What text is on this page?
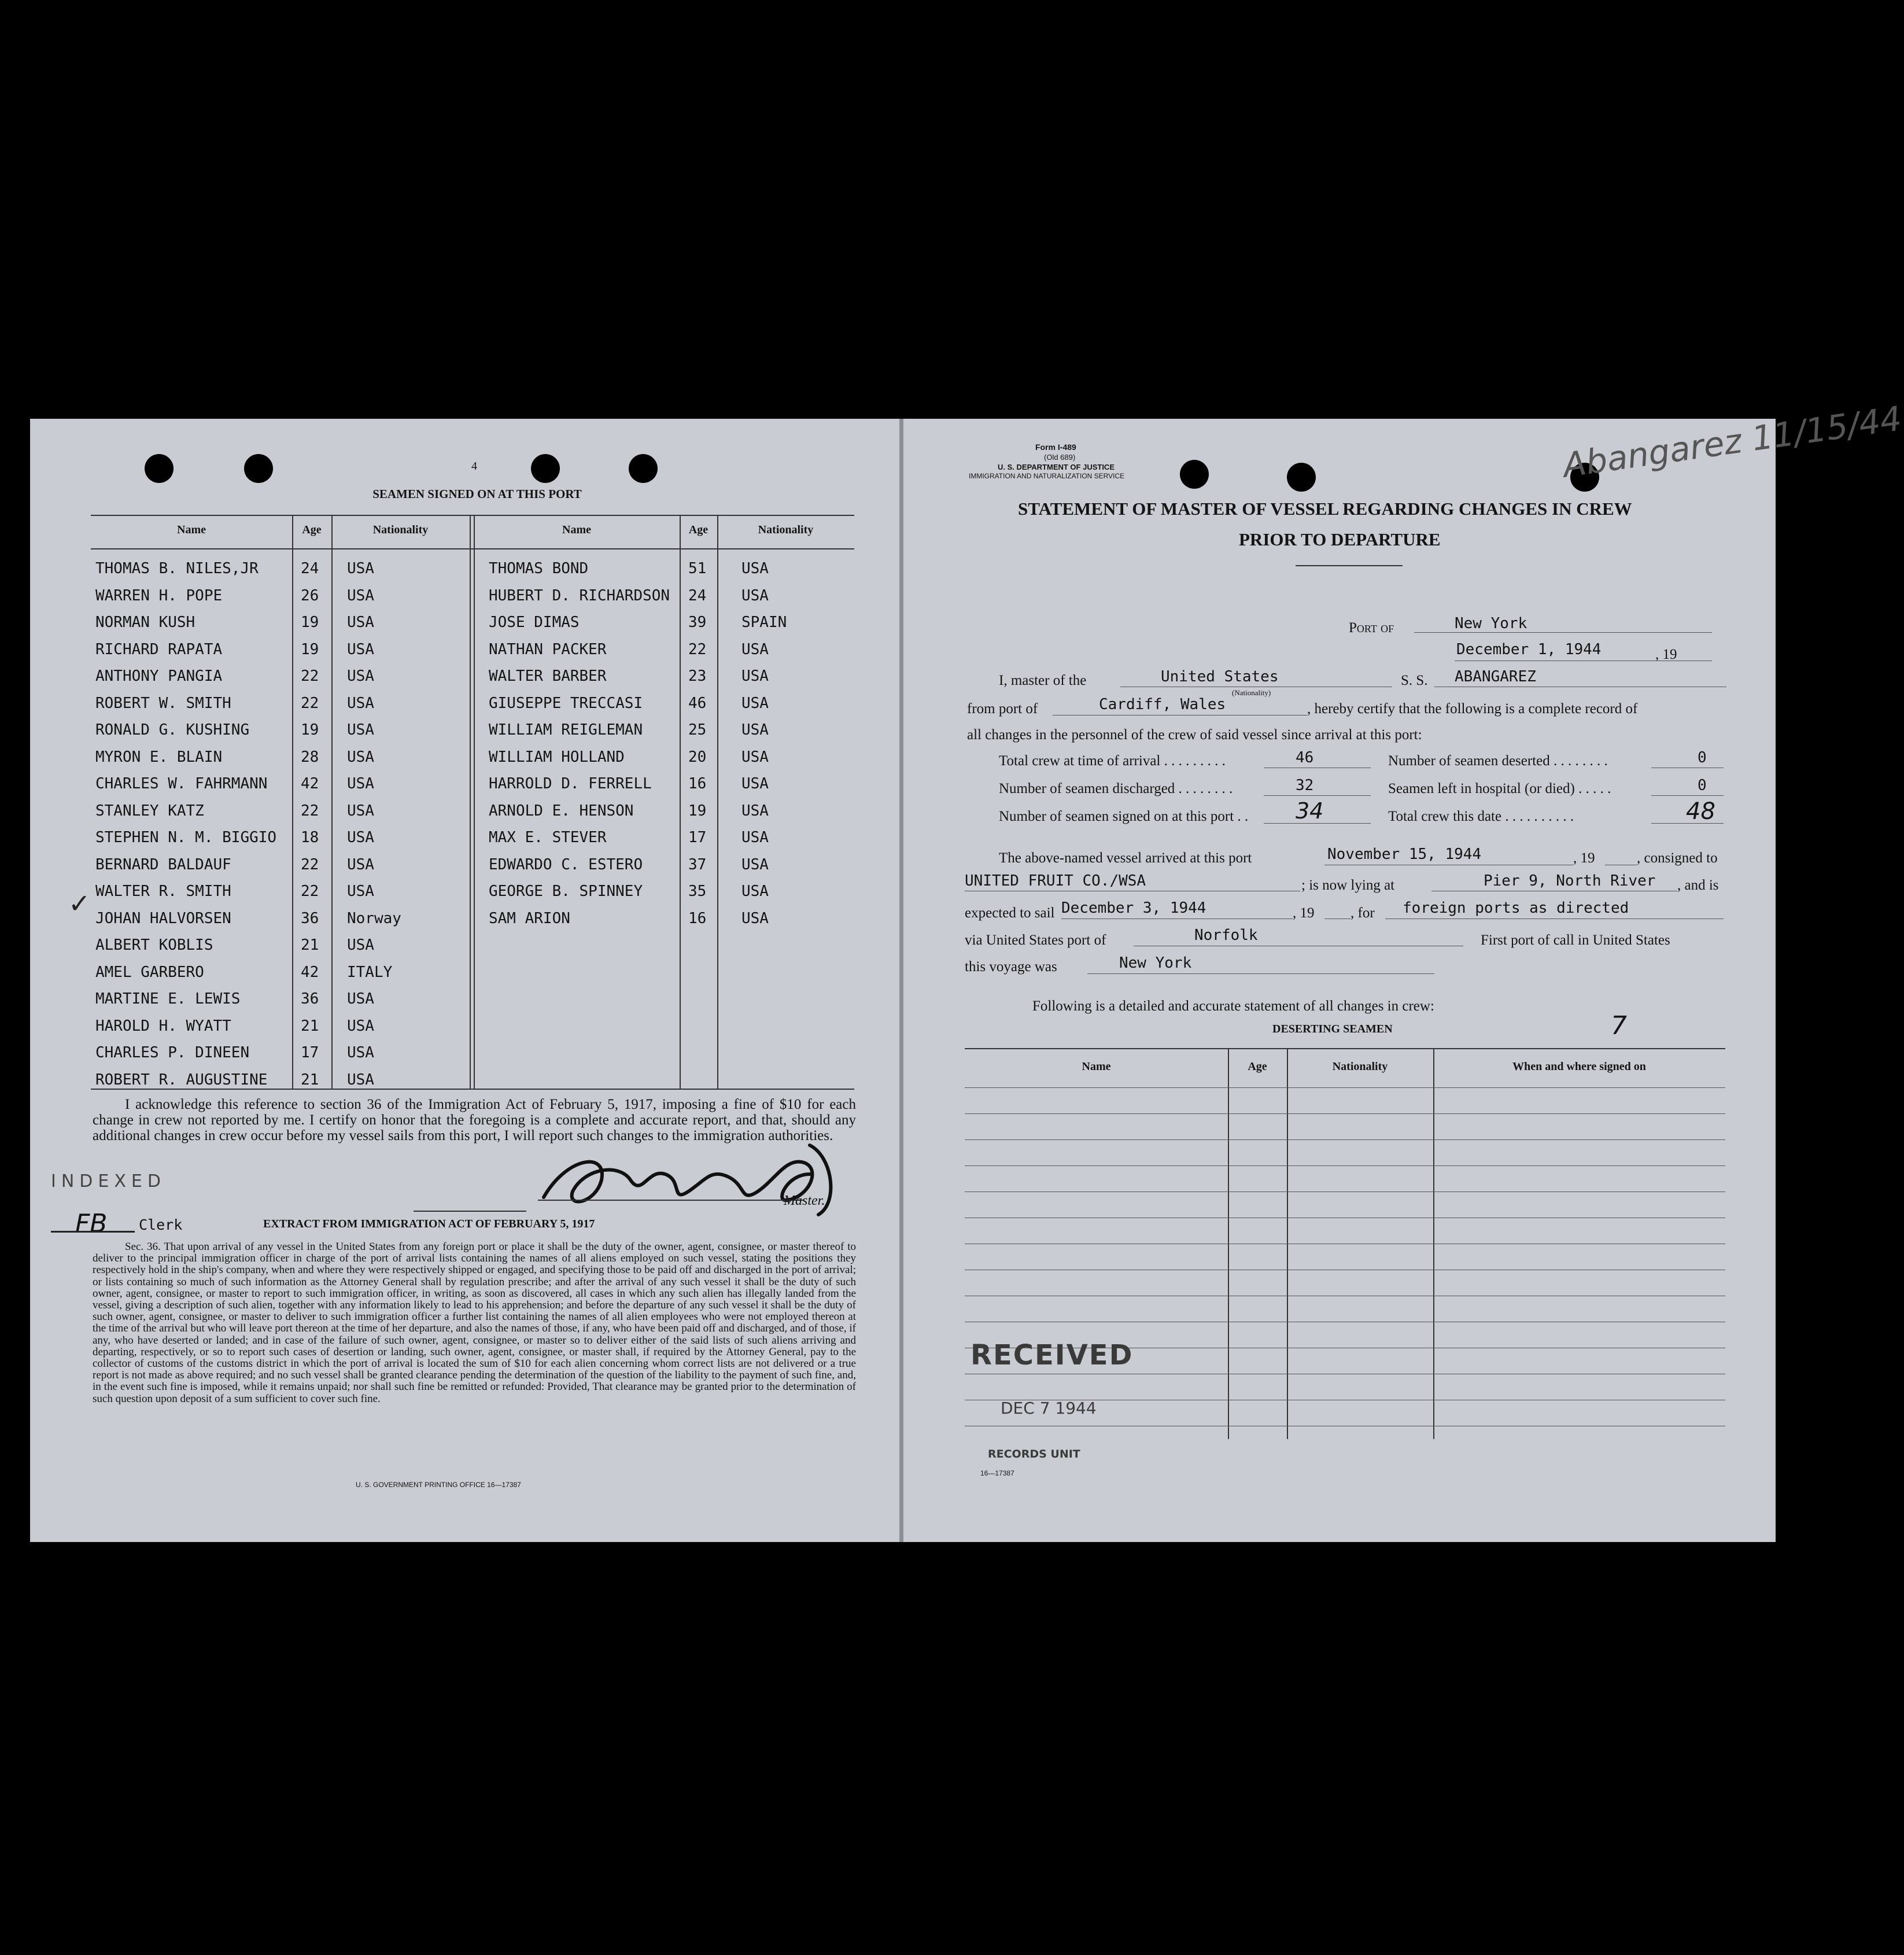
4
SEAMEN SIGNED ON AT THIS PORT
Name	Age	Nationality	Name	Age	Nationality
THOMAS B. NILES,JR	24 USA
WARREN H. POPE	26 USA
NORMAN KUSH	19 USA
RICHARD RAPATA	19 USA
ANTHONY PANGIA	22 USA
ROBERT W. SMITH	22 USA
RONALD G. KUSHING	19 USA
MYRON E. BLAIN	28 USA
CHARLES W. FAHRMANN 42 USA
STANLEY KATZ	22 USA
STEPHEN N. M. BIGGIO 18 USA
BERNARD BALDAUF	22 USA
WALTER R. SMITH	22 USA
JOHAN HALVORSEN	36 Norway
ALBERT KOBLIS	21 USA
AMEL GARBERO	42 ITALY
MARTINE E. LEWIS	36 USA
HAROLD H. WYATT	21 USA
CHARLES P. DINEEN	17 USA
ROBERT R. AUGUSTINE 21 USA
THOMAS BOND	51 USA
HUBERT D. RICHARDSON 24 USA
JOSE DIMAS	39 SPAIN
NATHAN PACKER	22 USA
WALTER BARBER	23 USA
GIUSEPPE TRECCASI	46 USA
WILLIAM REIGLEMAN	25 USA
WILLIAM HOLLAND	20 USA
HARROLD D. FERRELL 16 USA
ARNOLD E. HENSON	19 USA
MAX E. STEVER	17 USA
EDWARDO C. ESTERO	37 USA
GEORGE B. SPINNEY	35 USA
SAM ARION	16 USA
✓
I acknowledge this reference to section 36 of the Immigration Act of February 5, 1917, imposing a fine of $10 for each change in crew not reported by me. I certify on honor that the foregoing is a complete and accurate report, and that, should any additional changes in crew occur before my vessel sails from this port, I will report such changes to the immigration authorities.
Master.
INDEXED
FB Clerk	EXTRACT FROM IMMIGRATION ACT OF FEBRUARY 5, 1917
Sec. 36. That upon arrival of any vessel in the United States from any foreign port or place it shall be the duty of the owner, agent, consignee, or master thereof to deliver to the principal immigration officer in charge of the port of arrival lists containing the names of all aliens employed on such vessel, stating the positions they respectively hold in the ship's company, when and where they were respectively shipped or engaged, and specifying those to be paid off and discharged in the port of arrival; or lists containing so much of such information as the Attorney General shall by regulation prescribe; and after the arrival of any such vessel it shall be the duty of such owner, agent, consignee, or master to report to such immigration officer, in writing, as soon as discovered, all cases in which any such alien has illegally landed from the vessel, giving a description of such alien, together with any information likely to lead to his apprehension; and before the departure of any such vessel it shall be the duty of such owner, agent, consignee, or master to deliver to such immigration officer a further list containing the names of all alien employees who were not employed thereon at the time of the arrival but who will leave port thereon at the time of her departure, and also the names of those, if any, who have been paid off and discharged, and of those, if any, who have deserted or landed; and in case of the failure of such owner, agent, consignee, or master so to deliver either of the said lists of such aliens arriving and departing, respectively, or so to report such cases of desertion or landing, such owner, agent, consignee, or master shall, if required by the Attorney General, pay to the collector of customs of the customs district in which the port of arrival is located the sum of $10 for each alien concerning whom correct lists are not delivered or a true report is not made as above required; and no such vessel shall be granted clearance pending the determination of the question of the liability to the payment of such fine, and, in the event such fine is imposed, while it remains unpaid; nor shall such fine be remitted or refunded: Provided, That clearance may be granted prior to the determination of such question upon deposit of a sum sufficient to cover such fine.
U. S. GOVERNMENT PRINTING OFFICE 16—17387
Form I-489
(Old 689)
U. S. DEPARTMENT OF JUSTICE
IMMIGRATION AND NATURALIZATION SERVICE	Abangarez 11/15/44
STATEMENT OF MASTER OF VESSEL REGARDING CHANGES IN CREW
PRIOR TO DEPARTURE
Port of	New York
December 1, 1944	, 19
I, master of the	United States
(Nationality)
S. S. ABANGAREZ
from port of	Cardiff, Wales	, hereby certify that the following is a complete record of
all changes in the personnel of the crew of said vessel since arrival at this port:
Total crew at time of arrival . . . . . . . . .	46	Number of seamen deserted . . . . . . . .	0
Number of seamen discharged . . . . . . . .	32	Seamen left in hospital (or died) . . . . .	0
Number of seamen signed on at this port . . 34	Total crew this date . . . . . . . . . .	48
The above-named vessel arrived at this port	November 15, 1944	, 19	, consigned to
UNITED FRUIT CO./WSA	; is now lying at	Pier 9, North River , and is
expected to sail December 3, 1944	, 19	, for foreign ports as directed
via United States port of	Norfolk	First port of call in United States
this voyage was	New York
Following is a detailed and accurate statement of all changes in crew:
DESERTING SEAMEN	7
Name	Age	Nationality	When and where signed on
RECEIVED
DEC 7 1944
RECORDS UNIT
16—17387
